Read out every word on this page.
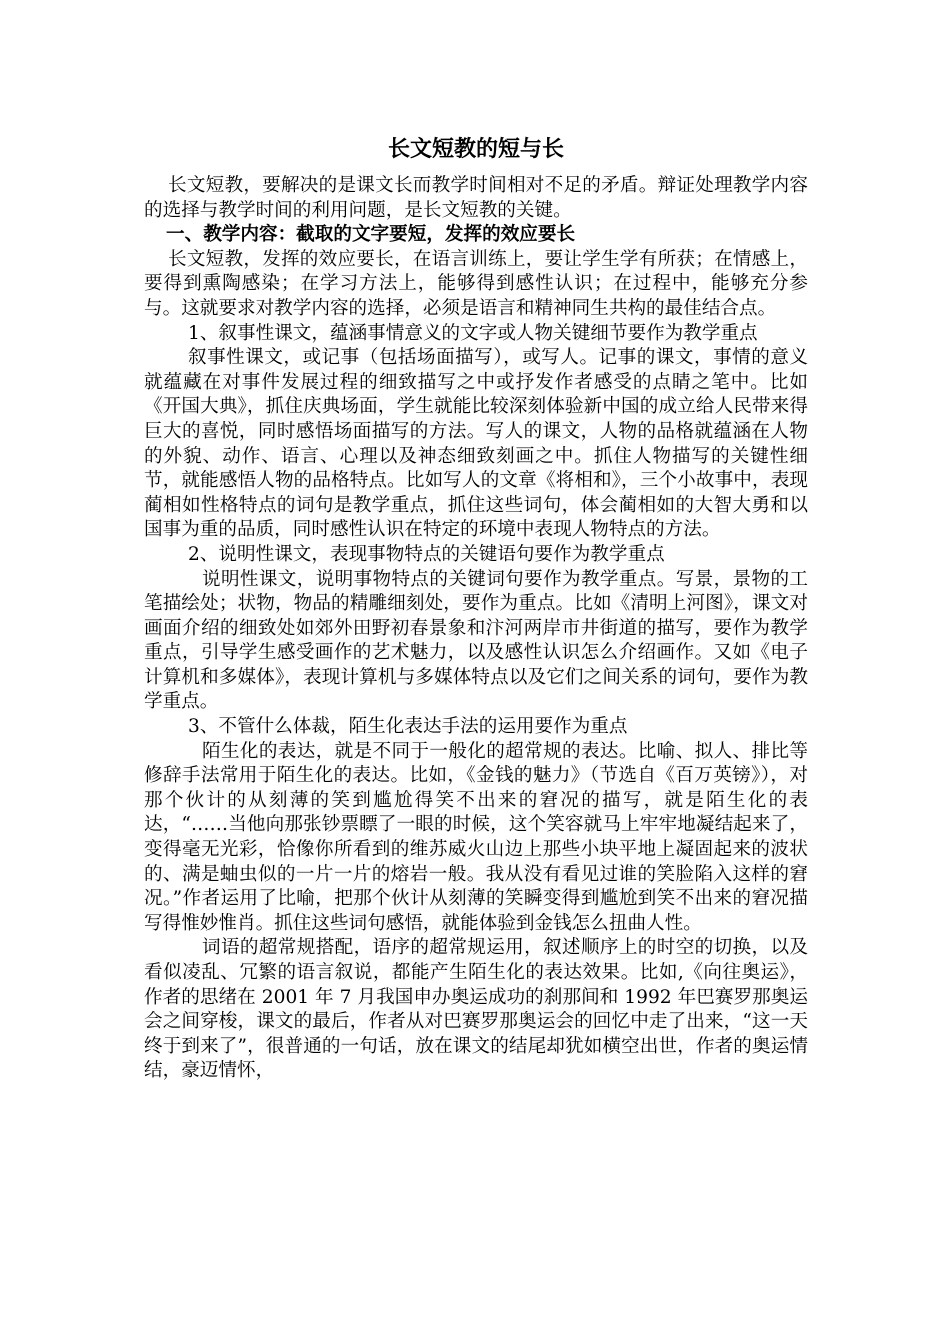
长文短教的短与长

长文短教，要解决的是课文长而教学时间相对不足的矛盾。辩证处理教学内容的选择与教学时间的利用问题，是长文短教的关键。

一、教学内容：截取的文字要短，发挥的效应要长

长文短教，发挥的效应要长，在语言训练上，要让学生学有所获；在情感上，要得到熏陶感染；在学习方法上，能够得到感性认识；在过程中，能够充分参与。这就要求对教学内容的选择，必须是语言和精神同生共构的最佳结合点。

1、叙事性课文，蕴涵事情意义的文字或人物关键细节要作为教学重点

叙事性课文，或记事（包括场面描写），或写人。记事的课文，事情的意义就蕴藏在对事件发展过程的细致描写之中或抒发作者感受的点睛之笔中。比如《开国大典》，抓住庆典场面，学生就能比较深刻体验新中国的成立给人民带来得巨大的喜悦，同时感悟场面描写的方法。写人的课文，人物的品格就蕴涵在人物的外貌、动作、语言、心理以及神态细致刻画之中。抓住人物描写的关键性细节，就能感悟人物的品格特点。比如写人的文章《将相和》，三个小故事中，表现蔺相如性格特点的词句是教学重点，抓住这些词句，体会蔺相如的大智大勇和以国事为重的品质，同时感性认识在特定的环境中表现人物特点的方法。

2、说明性课文，表现事物特点的关键语句要作为教学重点

说明性课文，说明事物特点的关键词句要作为教学重点。写景，景物的工笔描绘处；状物，物品的精雕细刻处，要作为重点。比如《清明上河图》，课文对画面介绍的细致处如郊外田野初春景象和汴河两岸市井街道的描写，要作为教学重点，引导学生感受画作的艺术魅力，以及感性认识怎么介绍画作。又如《电子计算机和多媒体》，表现计算机与多媒体特点以及它们之间关系的词句，要作为教学重点。

3、不管什么体裁，陌生化表达手法的运用要作为重点

陌生化的表达，就是不同于一般化的超常规的表达。比喻、拟人、排比等修辞手法常用于陌生化的表达。比如，《金钱的魅力》（节选自《百万英镑》），对那个伙计的从刻薄的笑到尴尬得笑不出来的窘况的描写，就是陌生化的表达，“……当他向那张钞票瞟了一眼的时候，这个笑容就马上牢牢地凝结起来了，变得毫无光彩，恰像你所看到的维苏威火山边上那些小块平地上凝固起来的波状的、满是蚰虫似的一片一片的熔岩一般。我从没有看见过谁的笑脸陷入这样的窘况。”作者运用了比喻，把那个伙计从刻薄的笑瞬变得到尴尬到笑不出来的窘况描写得惟妙惟肖。抓住这些词句感悟，就能体验到金钱怎么扭曲人性。

词语的超常规搭配，语序的超常规运用，叙述顺序上的时空的切换，以及看似凌乱、冗繁的语言叙说，都能产生陌生化的表达效果。比如,《向往奥运》，作者的思绪在 2001 年 7 月我国申办奥运成功的刹那间和 1992 年巴赛罗那奥运会之间穿梭，课文的最后，作者从对巴赛罗那奥运会的回忆中走了出来，“这一天终于到来了”，很普通的一句话，放在课文的结尾却犹如横空出世，作者的奥运情结，豪迈情怀，
